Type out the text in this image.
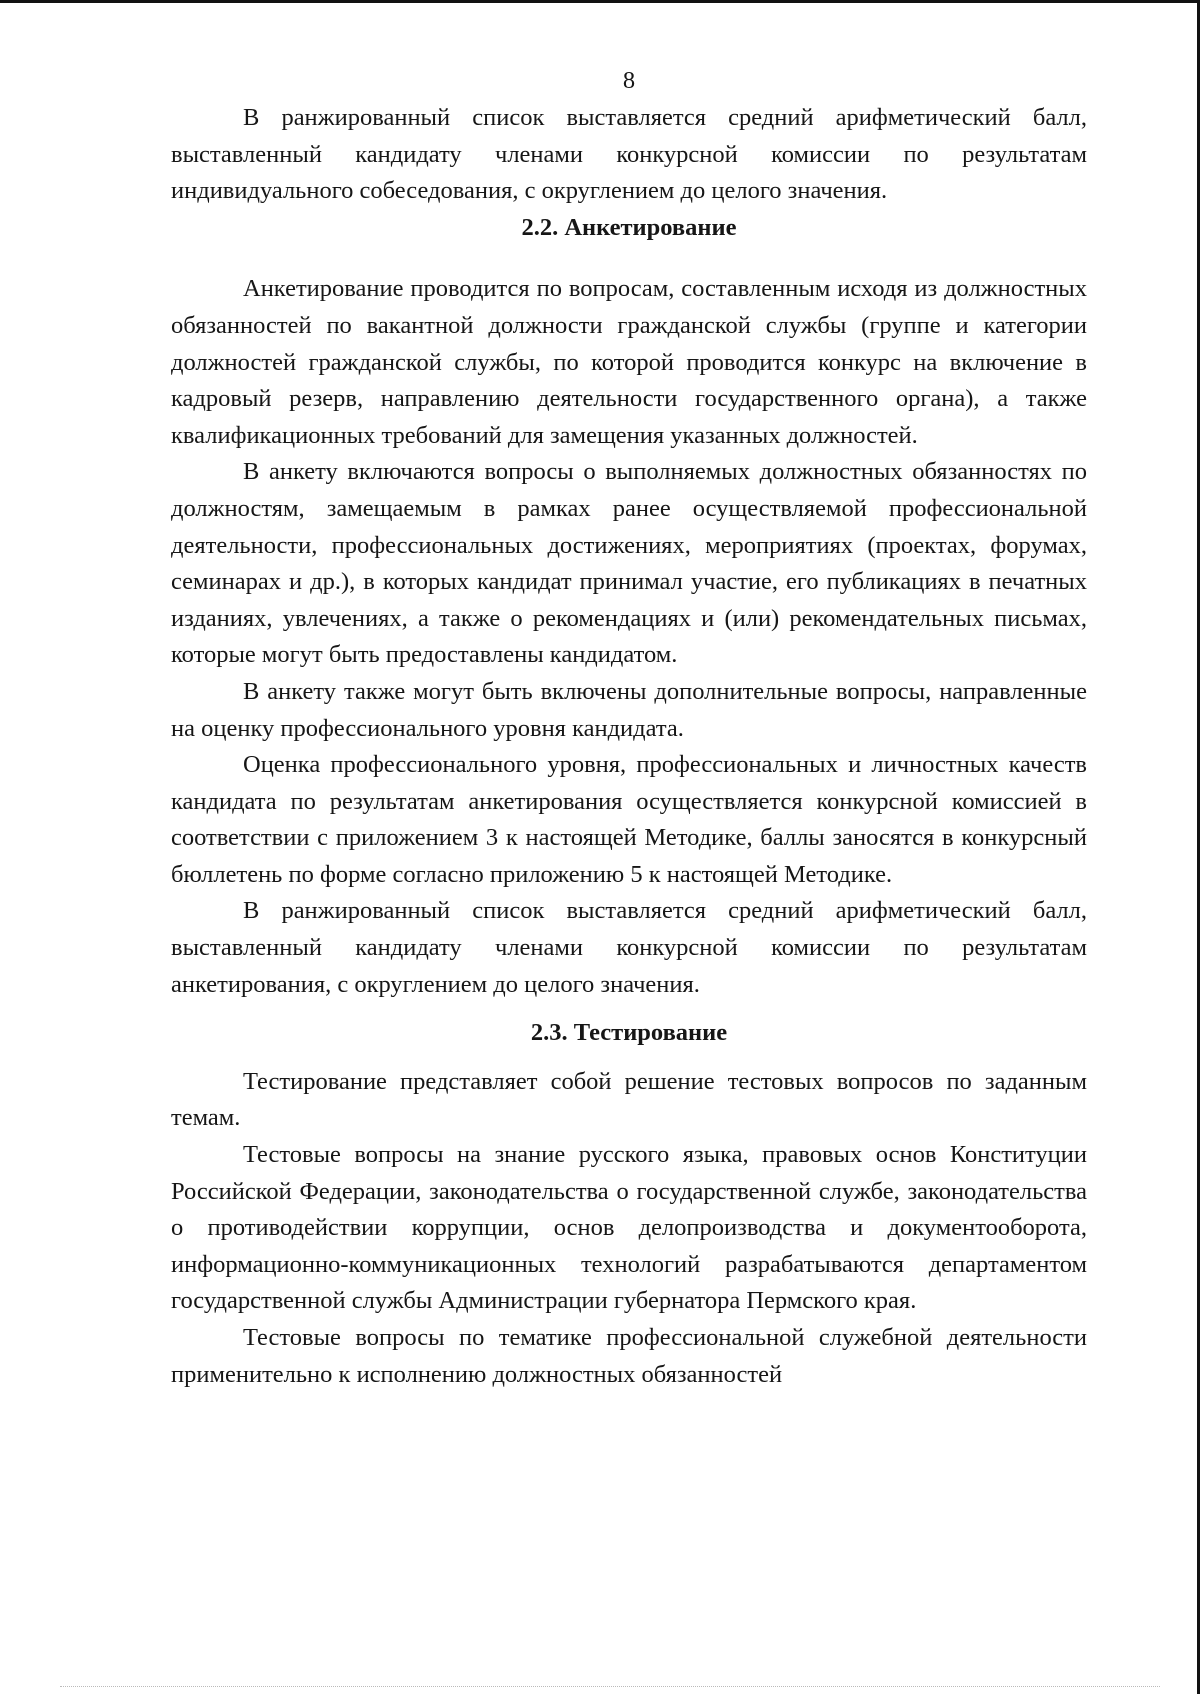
8

В ранжированный список выставляется средний арифметический балл, выставленный кандидату членами конкурсной комиссии по результатам индивидуального собеседования, с округлением до целого значения.

2.2. Анкетирование

Анкетирование проводится по вопросам, составленным исходя из должностных обязанностей по вакантной должности гражданской службы (группе и категории должностей гражданской службы, по которой проводится конкурс на включение в кадровый резерв, направлению деятельности государственного органа), а также квалификационных требований для замещения указанных должностей.

В анкету включаются вопросы о выполняемых должностных обязанностях по должностям, замещаемым в рамках ранее осуществляемой профессиональной деятельности, профессиональных достижениях, мероприятиях (проектах, форумах, семинарах и др.), в которых кандидат принимал участие, его публикациях в печатных изданиях, увлечениях, а также о рекомендациях и (или) рекомендательных письмах, которые могут быть предоставлены кандидатом.

В анкету также могут быть включены дополнительные вопросы, направленные на оценку профессионального уровня кандидата.

Оценка профессионального уровня, профессиональных и личностных качеств кандидата по результатам анкетирования осуществляется конкурсной комиссией в соответствии с приложением 3 к настоящей Методике, баллы заносятся в конкурсный бюллетень по форме согласно приложению 5 к настоящей Методике.

В ранжированный список выставляется средний арифметический балл, выставленный кандидату членами конкурсной комиссии по результатам анкетирования, с округлением до целого значения.

2.3. Тестирование

Тестирование представляет собой решение тестовых вопросов по заданным темам.

Тестовые вопросы на знание русского языка, правовых основ Конституции Российской Федерации, законодательства о государственной службе, законодательства о противодействии коррупции, основ делопроизводства и документооборота, информационно-коммуникационных технологий разрабатываются департаментом государственной службы Администрации губернатора Пермского края.

Тестовые вопросы по тематике профессиональной служебной деятельности применительно к исполнению должностных обязанностей
